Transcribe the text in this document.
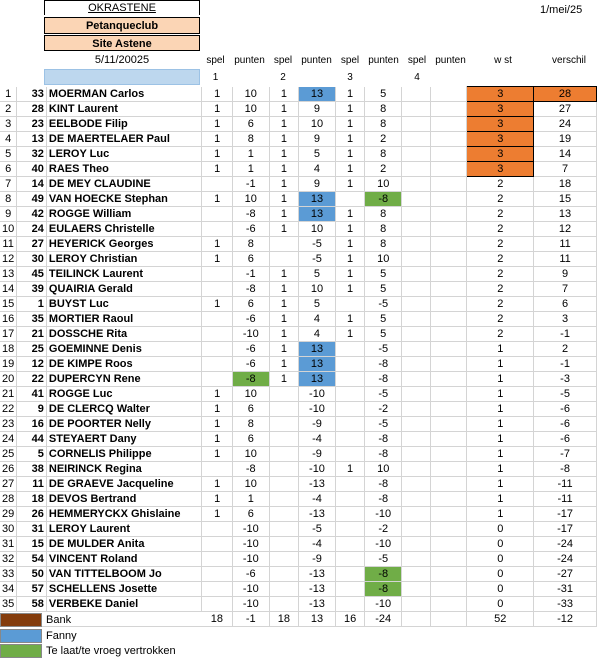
OKRASTENE
Petanqueclub
Site Astene
5/11/20025
1/mei/25
spel punten spel punten spel punten spel punten	w st	verschil
1	2	3	4
1	33	MOERMAN Carlos	1	10	1	13	1	5			3	28
2	28	KINT Laurent	1	10	1	9	1	8			3	27
3	23	EELBODE Filip	1	6	1	10	1	8			3	24
4	13	DE MAERTELAER Paul	1	8	1	9	1	2			3	19
5	32	LEROY Luc	1	1	1	5	1	8			3	14
6	40	RAES Theo	1	1	1	4	1	2			3	7
7	14	DE MEY CLAUDINE		-1	1	9	1	10			2	18
8	49	VAN HOECKE Stephan	1	10	1	13		-8			2	15
9	42	ROGGE William		-8	1	13	1	8			2	13
10	24	EULAERS Christelle		-6	1	10	1	8			2	12
11	27	HEYERICK Georges	1	8		-5	1	8			2	11
12	30	LEROY Christian	1	6		-5	1	10			2	11
13	45	TEILINCK Laurent		-1	1	5	1	5			2	9
14	39	QUAIRIA Gerald		-8	1	10	1	5			2	7
15	1	BUYST Luc	1	6	1	5		-5			2	6
16	35	MORTIER Raoul		-6	1	4	1	5			2	3
17	21	DOSSCHE Rita		-10	1	4	1	5			2	-1
18	25	GOEMINNE Denis		-6	1	13		-5			1	2
19	12	DE KIMPE Roos		-6	1	13		-8			1	-1
20	22	DUPERCYN Rene		-8	1	13		-8			1	-3
21	41	ROGGE Luc	1	10		-10		-5			1	-5
22	9	DE CLERCQ Walter	1	6		-10		-2			1	-6
23	16	DE POORTER Nelly	1	8		-9		-5			1	-6
24	44	STEYAERT Dany	1	6		-4		-8			1	-6
25	5	CORNELIS Philippe	1	10		-9		-8			1	-7
26	38	NEIRINCK Regina		-8		-10	1	10			1	-8
27	11	DE GRAEVE Jacqueline	1	10		-13		-8			1	-11
28	18	DEVOS Bertrand	1	1		-4		-8			1	-11
29	26	HEMMERYCKX Ghislaine	1	6		-13		-10			1	-17
30	31	LEROY Laurent		-10		-5		-2			0	-17
31	15	DE MULDER Anita		-10		-4		-10			0	-24
32	54	VINCENT Roland		-10		-9		-5			0	-24
33	50	VAN TITTELBOOM Jo		-6		-13		-8			0	-27
34	57	SCHELLENS Josette		-10		-13		-8			0	-31
35	58	VERBEKE Daniel		-10		-13		-10			0	-33
			18	-1	18	13	16	-24			52	-12
Bank
Fanny
Te laat/te vroeg vertrokken
